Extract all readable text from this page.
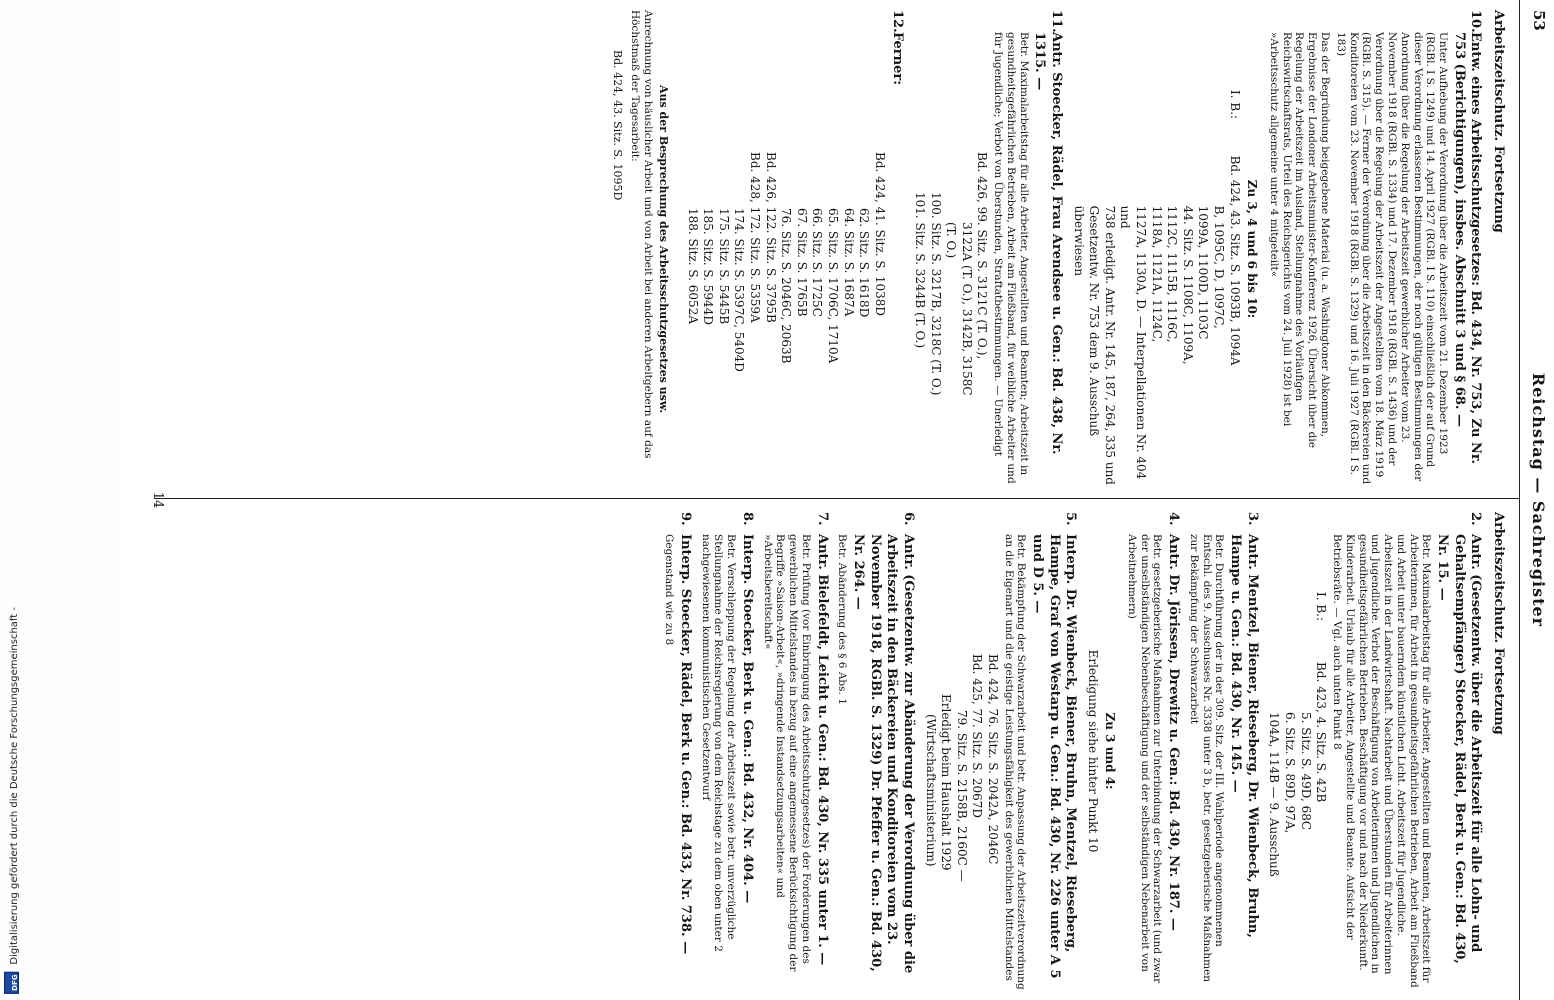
53
Reichstag — Sachregister
Arbeitszeitschutz. Fortsetzung
10.
Entw. eines Arbeitsschutzgesetzes: Bd. 434, Nr. 753, Zu Nr. 753 (Berichtigungen), insbes. Abschnitt 3 und § 68. —
Unter Aufhebung der Verordnung über die Arbeitszeit vom 21. Dezember 1923 (RGBl. I S. 1249) und 14. April 1927 (RGBl. I S. 110) einschließlich der auf Grund dieser Verordnung erlassenen Bestimmungen, der noch gültigen Bestimmungen der Anordnung über die Regelung der Arbeitszeit gewerblicher Arbeiter vom 23. November 1918 (RGBl. S. 1334) und 17. Dezember 1918 (RGBl. S. 1436) und der Verordnung über die Regelung der Arbeitszeit der Angestellten vom 18. März 1919 (RGBl. S. 315). — Ferner der Verordnung über die Arbeitszeit in den Bäckereien und Konditoreien vom 23. November 1918 (RGBl. S. 1329) und 16. Juli 1927 (RGBl. I S. 183)
Das der Begründung beigegebene Material (u. a. Washingtoner Abkommen, Ergebnisse der Londoner Arbeitsminister-Konferenz 1926, Übersicht über die Regelung der Arbeitszeit im Ausland, Stellungnahme des Vorläufigen Reichswirtschaftsrats, Urteil des Reichsgerichts vom 24. Juli 1928) ist bei »Arbeitsschutz allgemeine unter 4 mitgeteilt«
Zu 3, 4 und 6 bis 10:
I. B.:
Bd. 424, 43. Sitz. S. 1093B, 1094A
B, 1095C, D, 1097C,
1099A, 1100D, 1103C
44. Sitz. S. 1108C, 1109A,
1112C, 1115B, 1116C,
1118A, 1121A, 1124C,
1127A, 1130A, D. — Interpellationen Nr. 404 und
738 erledigt. Antr. Nr. 145, 187, 264, 335 und
Gesetzentw. Nr. 753 dem 9. Ausschuß überwiesen
11.
Antr. Stoecker, Rädel, Frau Arendsee u. Gen.: Bd. 438, Nr. 1315. —
Betr. Maximalarbeitstag für alle Arbeiter, Angestellten und Beamten; Arbeitszeit in gesundheitsgefährlichen Betrieben, Arbeit am Fließband, für weibliche Arbeiter und für Jugendliche; Verbot von Überstunden, Straftatbestimmungen. — Unerledigt
Bd. 426, 99. Sitz. S. 3121C (T. O.),
3122A (T. O.), 3142B, 3158C
(T. O.)
100. Sitz. S. 3217B, 3218C (T. O.)
101. Sitz. S. 3244B (T. O.)
12.
Ferner:
Bd. 424, 41. Sitz. S. 1038D
62. Sitz. S. 1618D
64. Sitz. S. 1687A
65. Sitz. S. 1706C, 1710A
66. Sitz. S. 1725C
67. Sitz. S. 1765B
76. Sitz. S. 2046C, 2063B
Bd. 426, 122. Sitz. S. 3795B
Bd. 428, 172. Sitz. S. 5359A
174. Sitz. S. 5397C, 5404D
175. Sitz. S. 5445B
185. Sitz. S. 5944D
188. Sitz. S. 6052A
Aus der Besprechung des Arbeitsschutzgesetzes usw.
Anrechnung von häuslicher Arbeit und von Arbeit bei anderen Arbeitgebern auf das Höchstmaß der Tagesarbeit:
Bd. 424, 43. Sitz. S. 1095D
Arbeitszeitschutz. Fortsetzung
2.
Antr. (Gesetzentw. über die Arbeitszeit für alle Lohn- und Gehaltsempfänger) Stoecker, Rädel, Berk u. Gen.: Bd. 430, Nr. 15. —
Betr. Maximalarbeitstag für alle Arbeiter, Angestellten und Beamten, Arbeitszeit für Arbeiterinnen, für Arbeit in gesundheitsgefährlichen Betrieben, Arbeit am Fließband und Arbeit unter bauerndem künstlichen Licht. Arbeitszeit für Jugendliche. Arbeitszeit in der Landwirtschaft. Nachtarbeit und Überstunden für Arbeiterinnen und Jugendliche. Verbot der Beschäftigung von Arbeiterinnen und Jugendlichen in gesundheitsgefährlichen Betrieben. Beschäftigung vor und nach der Niederkunft. Kinderarbeit. Urlaub für alle Arbeiter, Angestellte und Beamte. Aufsicht der Betriebsräte. — Vgl. auch unten Punkt 8
I. B.:
Bd. 423, 4. Sitz. S. 42B
5. Sitz. S. 49D, 68C
6. Sitz. S. 89D, 97A,
104A, 114B — 9. Ausschuß
3.
Antr. Mentzel, Biener, Rieseberg, Dr. Wienbeck, Bruhn, Hampe u. Gen.: Bd. 430, Nr. 145. —
Betr. Durchführung der in der 309. Sitz. der III. Wahlperiode angenommenen Entschl. des 9. Ausschusses Nr. 3338 unter 3 b, betr. gesetzgeberische Maßnahmen zur Bekämpfung der Schwarzarbeit
4.
Antr. Dr. Jörissen, Drewitz u. Gen.: Bd. 430, Nr. 187. —
Betr. gesetzgeberische Maßnahmen zur Unterbindung der Schwarzarbeit (und zwar der unselbständigen Nebenbeschäftigung und der selbständigen Nebenarbeit von Arbeitnehmern)
Zu 3 und 4:
Erledigung siehe hinter Punkt 10
5.
Interp. Dr. Wienbeck, Biener, Bruhn, Mentzel, Rieseberg, Hampe, Graf von Westarp u. Gen.: Bd. 430, Nr. 226 unter A 5 und D 5. —
Betr. Bekämpfung der Schwarzarbeit und betr. Anpassung der Arbeitszeitverordnung an die Eigenart und die geistige Leistungsfähigkeit des gewerblichen Mittelstandes
Bd. 424, 76. Sitz. S. 2042A, 2046C
Bd. 425, 77. Sitz. S. 2067D
79. Sitz. S. 2158B, 2160C —
Erledigt beim Haushalt 1929
(Wirtschaftsministerium)
6.
Antr. (Gesetzentw. zur Abänderung der Verordnung über die Arbeitszeit in den Bäckereien und Konditoreien vom 23. November 1918, RGBl. S. 1329) Dr. Pfeffer u. Gen.: Bd. 430, Nr. 264. —
Betr. Abänderung des § 6 Abs. 1
7.
Antr. Bielefeldt, Leicht u. Gen.: Bd. 430, Nr. 335 unter 1. —
Betr. Prüfung (vor Einbringung des Arbeitsschutzgesetzes) der Forderungen des gewerblichen Mittelstandes in bezug auf eine angemessene Berücksichtigung der Begriffe »Saison-Arbeit«, »dringende Instandsetzungsarbeiten« und »Arbeitsbereitschaft«
8.
Interp. Stoecker, Berk u. Gen.: Bd. 432, Nr. 404. —
Betr. Verschleppung der Regelung der Arbeitszeit sowie betr. unverzügliche Stellungnahme der Reichsregierung von dem Reichstage zu dem oben unter 2 nachgewiesenen kommunistischen Gesetzentwurf
9.
Interp. Stoecker, Rädel, Berk u. Gen.: Bd. 433, Nr. 738. —
Gegenstand wie zu 8
14
DFG Digitalisierung gefördert durch die Deutsche Forschungsgemeinschaft -
